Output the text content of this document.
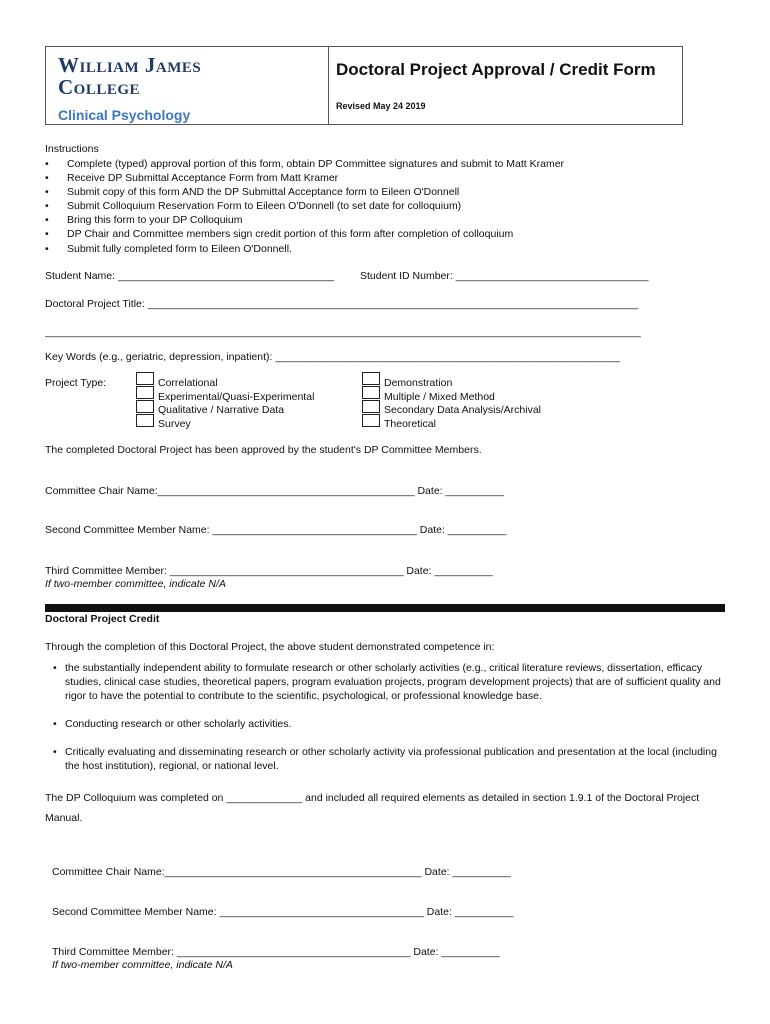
William James
College
Clinical Psychology
Doctoral Project Approval / Credit Form
Revised May 24 2019
Instructions
• Complete (typed) approval portion of this form, obtain DP Committee signatures and submit to Matt Kramer
• Receive DP Submittal Acceptance Form from Matt Kramer
• Submit copy of this form AND the DP Submittal Acceptance form to Eileen O'Donnell
• Submit Colloquium Reservation Form to Eileen O'Donnell (to set date for colloquium)
• Bring this form to your DP Colloquium
• DP Chair and Committee members sign credit portion of this form after completion of colloquium
• Submit fully completed form to Eileen O'Donnell.
Student Name: _____________________________________ Student ID Number: _________________________________
Doctoral Project Title: ____________________________________________________________________________________
______________________________________________________________________________________________________
Key Words (e.g., geriatric, depression, inpatient): ___________________________________________________________
Project Type:	Correlational
Experimental/Quasi-Experimental
Qualitative / Narrative Data
Survey
Demonstration
Multiple / Mixed Method
Secondary Data Analysis/Archival
Theoretical
The completed Doctoral Project has been approved by the student's DP Committee Members.
Committee Chair Name:____________________________________________ Date: __________
Second Committee Member Name: ___________________________________ Date: __________
Third Committee Member: ________________________________________ Date: __________
If two-member committee, indicate N/A
Doctoral Project Credit
Through the completion of this Doctoral Project, the above student demonstrated competence in:
• the substantially independent ability to formulate research or other scholarly activities (e.g., critical literature reviews, dissertation, efficacy studies, clinical case studies, theoretical papers, program evaluation projects, program development projects) that are of sufficient quality and rigor to have the potential to contribute to the scientific, psychological, or professional knowledge base.
• Conducting research or other scholarly activities.
• Critically evaluating and disseminating research or other scholarly activity via professional publication and presentation at the local (including the host institution), regional, or national level.
The DP Colloquium was completed on _____________ and included all required elements as detailed in section 1.9.1 of the Doctoral Project Manual.
Committee Chair Name:____________________________________________ Date: __________
Second Committee Member Name: ___________________________________ Date: __________
Third Committee Member: ________________________________________ Date: __________
If two-member committee, indicate N/A
